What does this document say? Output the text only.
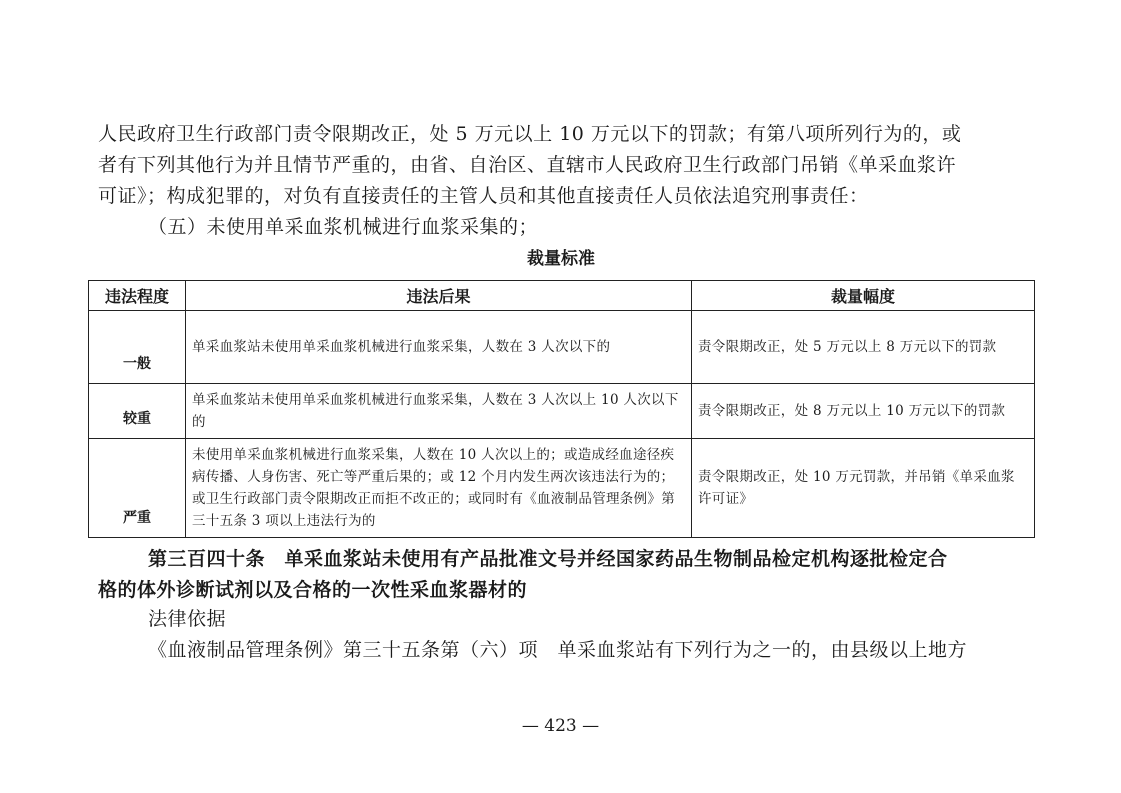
人民政府卫生行政部门责令限期改正，处 5 万元以上 10 万元以下的罚款；有第八项所列行为的，或

者有下列其他行为并且情节严重的，由省、自治区、直辖市人民政府卫生行政部门吊销《单采血浆许

可证》；构成犯罪的，对负有直接责任的主管人员和其他直接责任人员依法追究刑事责任：

（五）未使用单采血浆机械进行血浆采集的；

裁量标准
违法程度	违法后果	裁量幅度
一般	单采血浆站未使用单采血浆机械进行血浆采集，人数在 3 人次以下的	责令限期改正，处 5 万元以上 8 万元以下的罚款
较重	单采血浆站未使用单采血浆机械进行血浆采集，人数在 3 人次以上 10 人次以下的	责令限期改正，处 8 万元以上 10 万元以下的罚款
严重	未使用单采血浆机械进行血浆采集，人数在 10 人次以上的；或造成经血途径疾病传播、人身伤害、死亡等严重后果的；或 12 个月内发生两次该违法行为的；或卫生行政部门责令限期改正而拒不改正的；或同时有《血液制品管理条例》第三十五条 3 项以上违法行为的	责令限期改正，处 10 万元罚款，并吊销《单采血浆许可证》

第三百四十条　单采血浆站未使用有产品批准文号并经国家药品生物制品检定机构逐批检定合

格的体外诊断试剂以及合格的一次性采血浆器材的

法律依据

《血液制品管理条例》第三十五条第（六）项　单采血浆站有下列行为之一的，由县级以上地方

— 423 —
